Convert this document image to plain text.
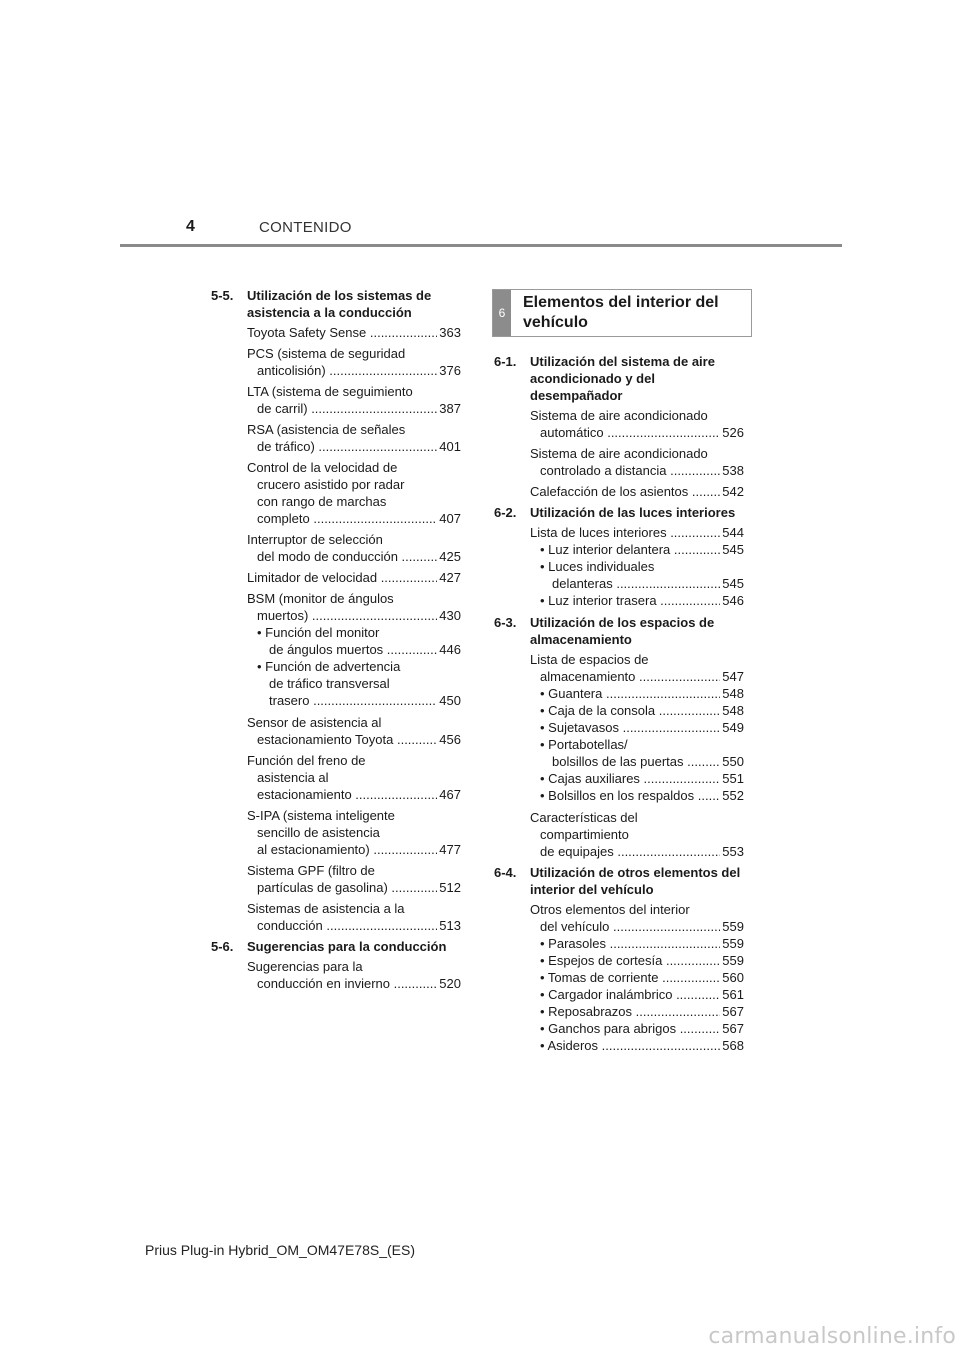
4	CONTENIDO
5-5.	Utilización de los sistemas de asistencia a la conducción
Toyota Safety Sense .....	363
PCS (sistema de seguridad
anticolisión) .....	376
LTA (sistema de seguimiento
de carril) .....	387
RSA (asistencia de señales
de tráfico) .....	401
Control de la velocidad de
crucero asistido por radar
con rango de marchas
completo .....	407
Interruptor de selección
del modo de conducción .....	425
Limitador de velocidad .....	427
BSM (monitor de ángulos
muertos) .....	430
• Función del monitor
de ángulos muertos .....	446
• Función de advertencia
de tráfico transversal
trasero .....	450
Sensor de asistencia al
estacionamiento Toyota .....	456
Función del freno de
asistencia al
estacionamiento .....	467
S-IPA (sistema inteligente
sencillo de asistencia
al estacionamiento) .....	477
Sistema GPF (filtro de
partículas de gasolina) .....	512
Sistemas de asistencia a la
conducción .....	513
5-6.	Sugerencias para la conducción
Sugerencias para la
conducción en invierno .....	520
6
Elementos del interior del vehículo
6-1.	Utilización del sistema de aire acondicionado y del desempañador
Sistema de aire acondicionado
automático .....	526
Sistema de aire acondicionado
controlado a distancia .....	538
Calefacción de los asientos .....	542
6-2.	Utilización de las luces interiores
Lista de luces interiores .....	544
• Luz interior delantera .....	545
• Luces individuales
delanteras .....	545
• Luz interior trasera .....	546
6-3.	Utilización de los espacios de almacenamiento
Lista de espacios de
almacenamiento .....	547
• Guantera .....	548
• Caja de la consola .....	548
• Sujetavasos .....	549
• Portabotellas/
bolsillos de las puertas .....	550
• Cajas auxiliares .....	551
• Bolsillos en los respaldos .....	552
Características del
compartimiento
de equipajes .....	553
6-4.	Utilización de otros elementos del interior del vehículo
Otros elementos del interior
del vehículo .....	559
• Parasoles .....	559
• Espejos de cortesía .....	559
• Tomas de corriente .....	560
• Cargador inalámbrico .....	561
• Reposabrazos .....	567
• Ganchos para abrigos .....	567
• Asideros .....	568
Prius Plug-in Hybrid_OM_OM47E78S_(ES)
carmanualsonline.info
